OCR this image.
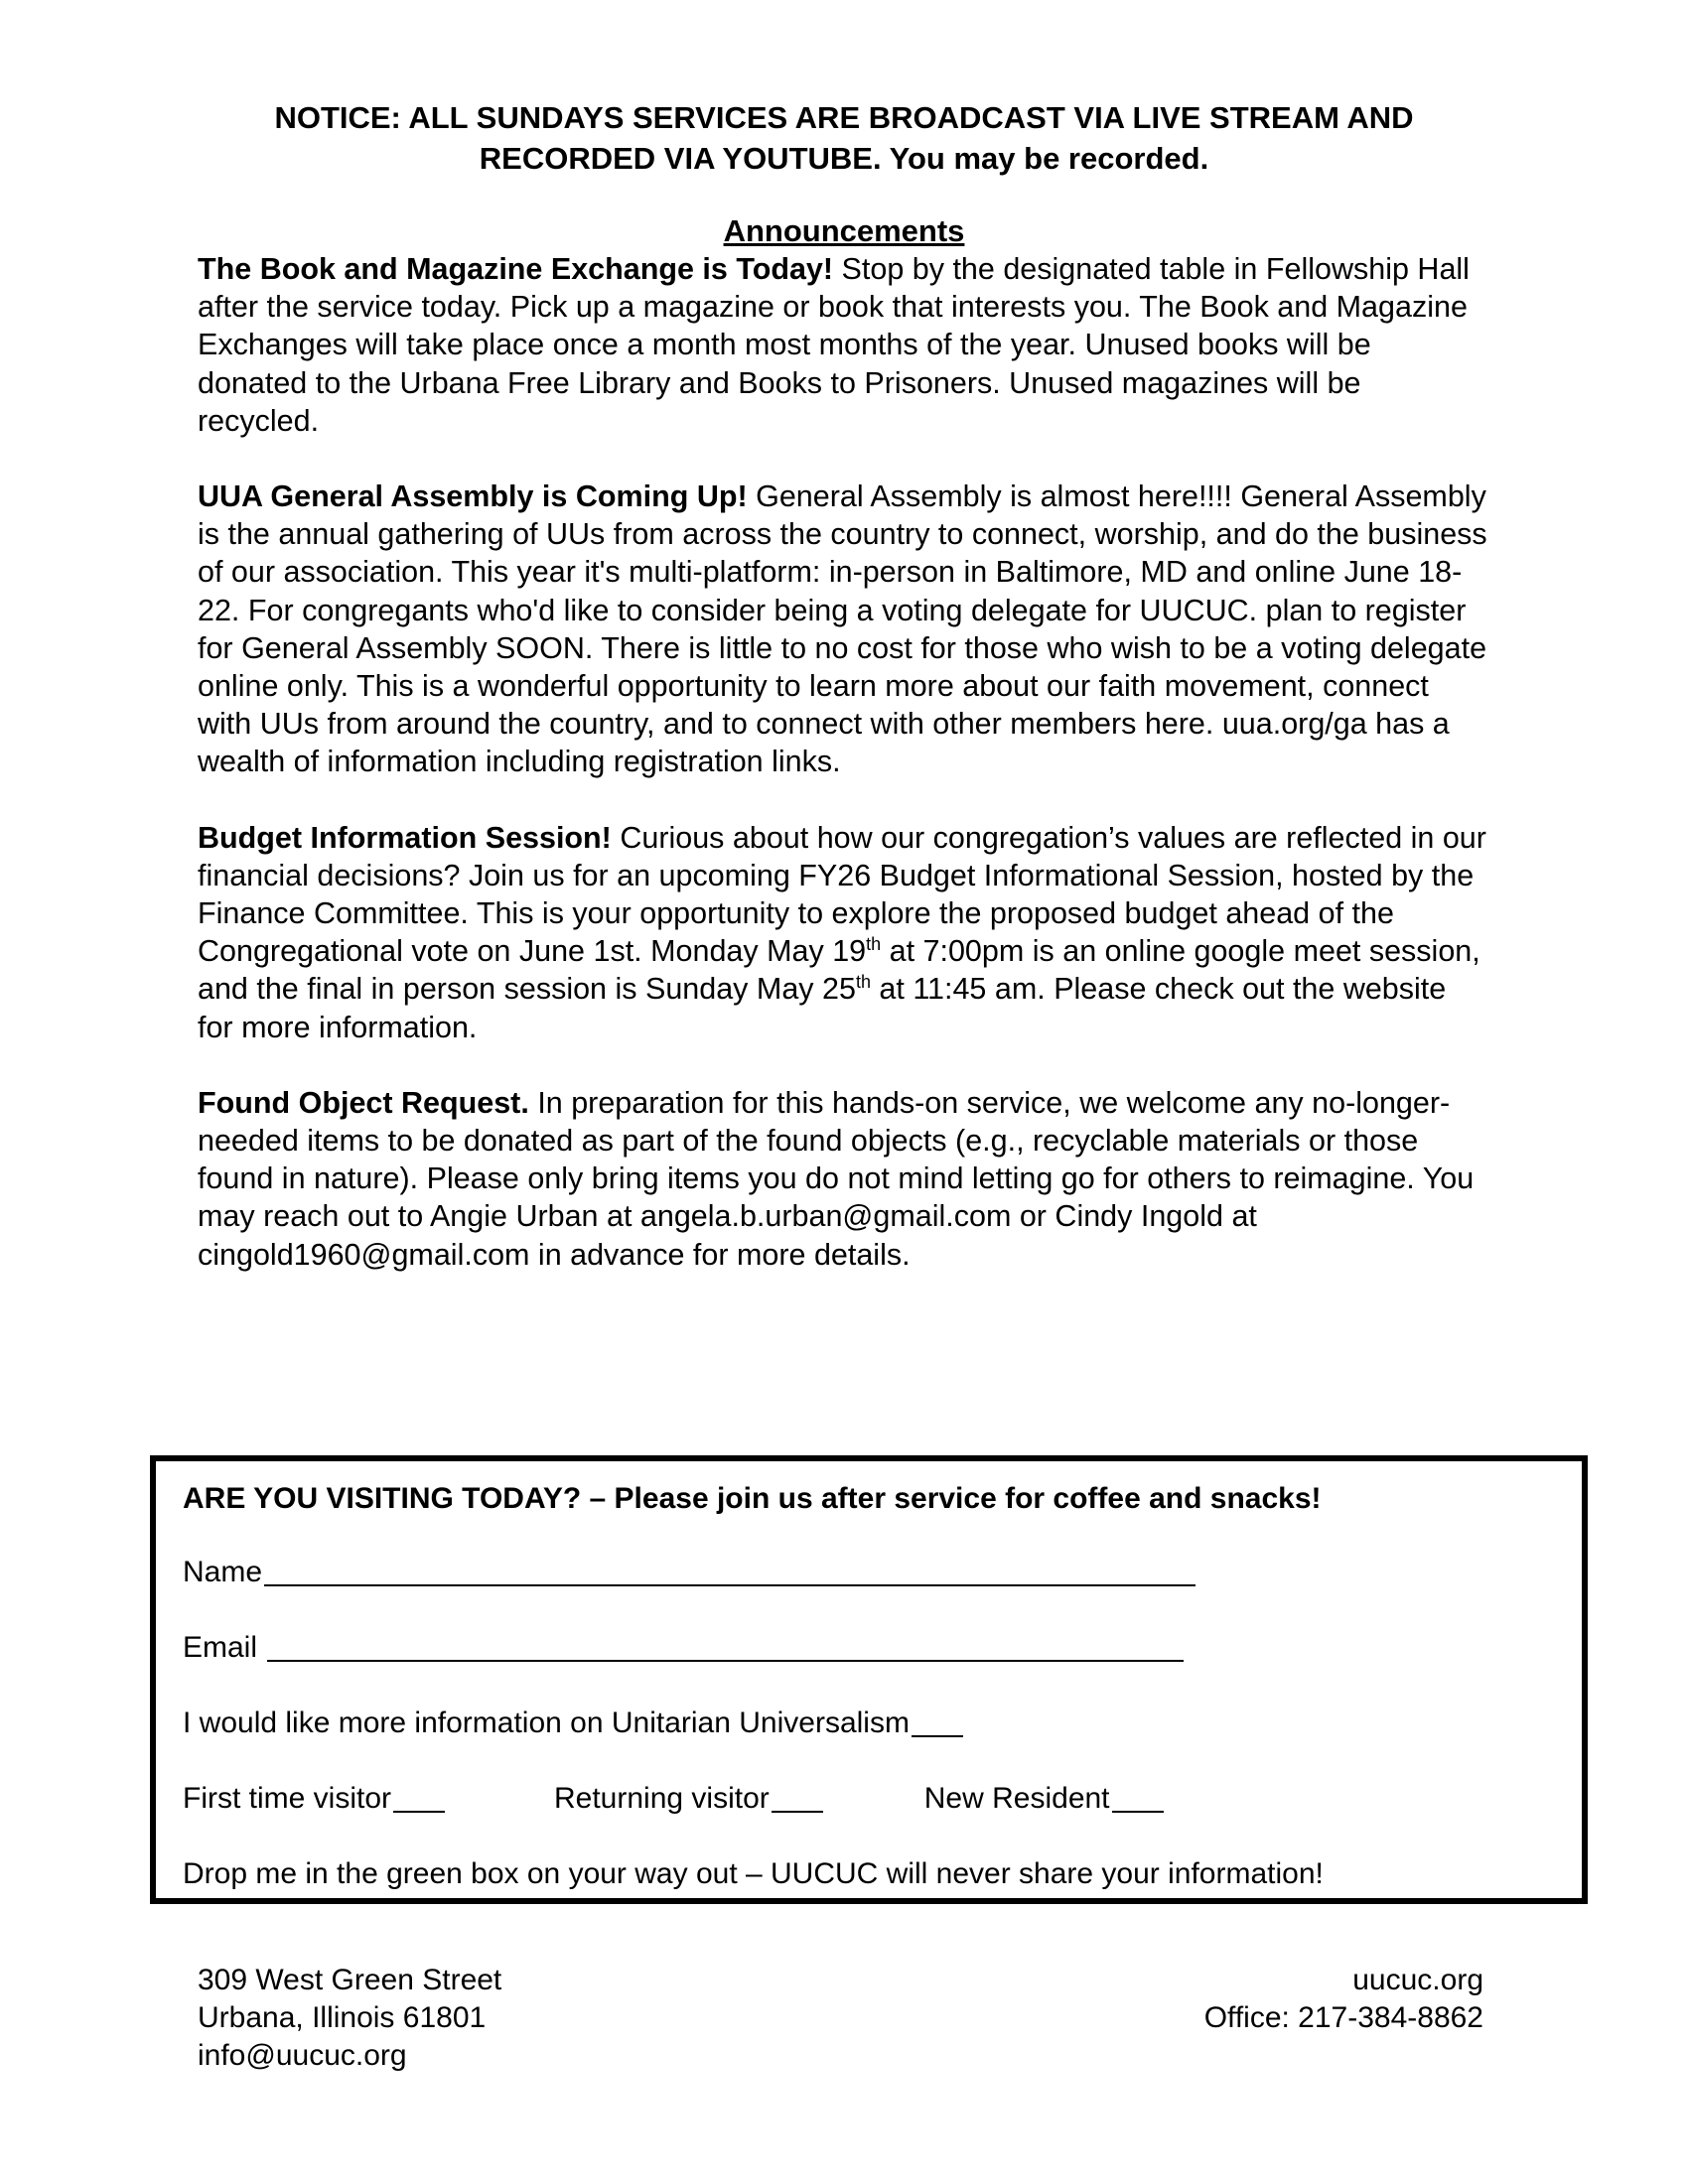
NOTICE: ALL SUNDAYS SERVICES ARE BROADCAST VIA LIVE STREAM AND
RECORDED VIA YOUTUBE. You may be recorded.
Announcements

The Book and Magazine Exchange is Today! Stop by the designated table in Fellowship Hall after the service today. Pick up a magazine or book that interests you. The Book and Magazine Exchanges will take place once a month most months of the year. Unused books will be donated to the Urbana Free Library and Books to Prisoners. Unused magazines will be recycled.

UUA General Assembly is Coming Up! General Assembly is almost here!!!! General Assembly is the annual gathering of UUs from across the country to connect, worship, and do the business of our association. This year it's multi-platform: in-person in Baltimore, MD and online June 18-22. For congregants who'd like to consider being a voting delegate for UUCUC. plan to register for General Assembly SOON. There is little to no cost for those who wish to be a voting delegate online only. This is a wonderful opportunity to learn more about our faith movement, connect with UUs from around the country, and to connect with other members here. uua.org/ga has a wealth of information including registration links.

Budget Information Session! Curious about how our congregation’s values are reflected in our financial decisions? Join us for an upcoming FY26 Budget Informational Session, hosted by the Finance Committee. This is your opportunity to explore the proposed budget ahead of the Congregational vote on June 1st. Monday May 19th at 7:00pm is an online google meet session, and the final in person session is Sunday May 25th at 11:45 am. Please check out the website for more information.

Found Object Request. In preparation for this hands-on service, we welcome any no-longer-needed items to be donated as part of the found objects (e.g., recyclable materials or those found in nature). Please only bring items you do not mind letting go for others to reimagine. You may reach out to Angie Urban at angela.b.urban@gmail.com or Cindy Ingold at cingold1960@gmail.com in advance for more details.

ARE YOU VISITING TODAY? – Please join us after service for coffee and snacks!
Name
Email
I would like more information on Unitarian Universalism
First time visitor	Returning visitor	New Resident
Drop me in the green box on your way out – UUCUC will never share your information!
309 West Green Street
Urbana, Illinois 61801
info@uucuc.org
uucuc.org
Office: 217-384-8862
